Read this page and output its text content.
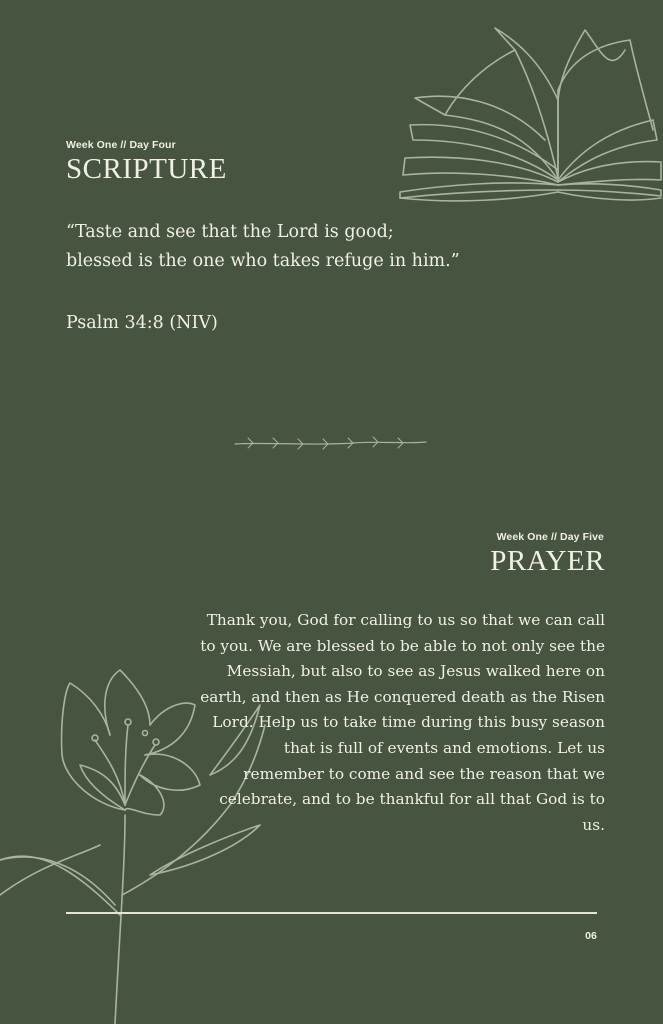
Week One // Day Four
SCRIPTURE
“Taste and see that the Lord is good;
blessed is the one who takes refuge in him.”
Psalm 34:8 (NIV)
Week One // Day Five
PRAYER
Thank you, God for calling to us so that we can call
to you. We are blessed to be able to not only see the
Messiah, but also to see as Jesus walked here on
earth, and then as He conquered death as the Risen
Lord. Help us to take time during this busy season
that is full of events and emotions. Let us
remember to come and see the reason that we
celebrate, and to be thankful for all that God is to
us.
06
